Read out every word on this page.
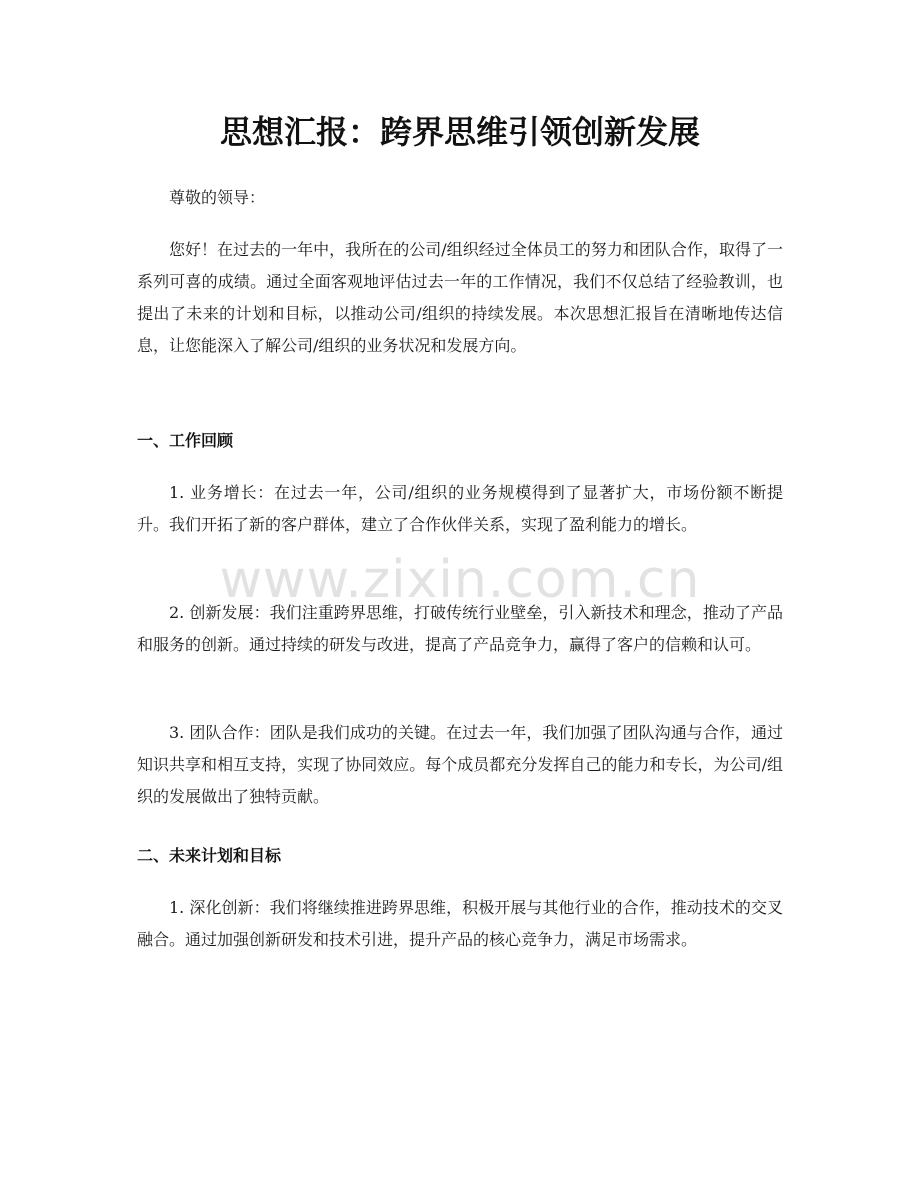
思想汇报：跨界思维引领创新发展

尊敬的领导：

您好！在过去的一年中，我所在的公司/组织经过全体员工的努力和团队合作，取得了一系列可喜的成绩。通过全面客观地评估过去一年的工作情况，我们不仅总结了经验教训，也提出了未来的计划和目标，以推动公司/组织的持续发展。本次思想汇报旨在清晰地传达信息，让您能深入了解公司/组织的业务状况和发展方向。

一、工作回顾

1. 业务增长：在过去一年，公司/组织的业务规模得到了显著扩大，市场份额不断提升。我们开拓了新的客户群体，建立了合作伙伴关系，实现了盈利能力的增长。

2. 创新发展：我们注重跨界思维，打破传统行业壁垒，引入新技术和理念，推动了产品和服务的创新。通过持续的研发与改进，提高了产品竞争力，赢得了客户的信赖和认可。

3. 团队合作：团队是我们成功的关键。在过去一年，我们加强了团队沟通与合作，通过知识共享和相互支持，实现了协同效应。每个成员都充分发挥自己的能力和专长，为公司/组织的发展做出了独特贡献。

二、未来计划和目标

1. 深化创新：我们将继续推进跨界思维，积极开展与其他行业的合作，推动技术的交叉融合。通过加强创新研发和技术引进，提升产品的核心竞争力，满足市场需求。

www.zixin.com.cn
